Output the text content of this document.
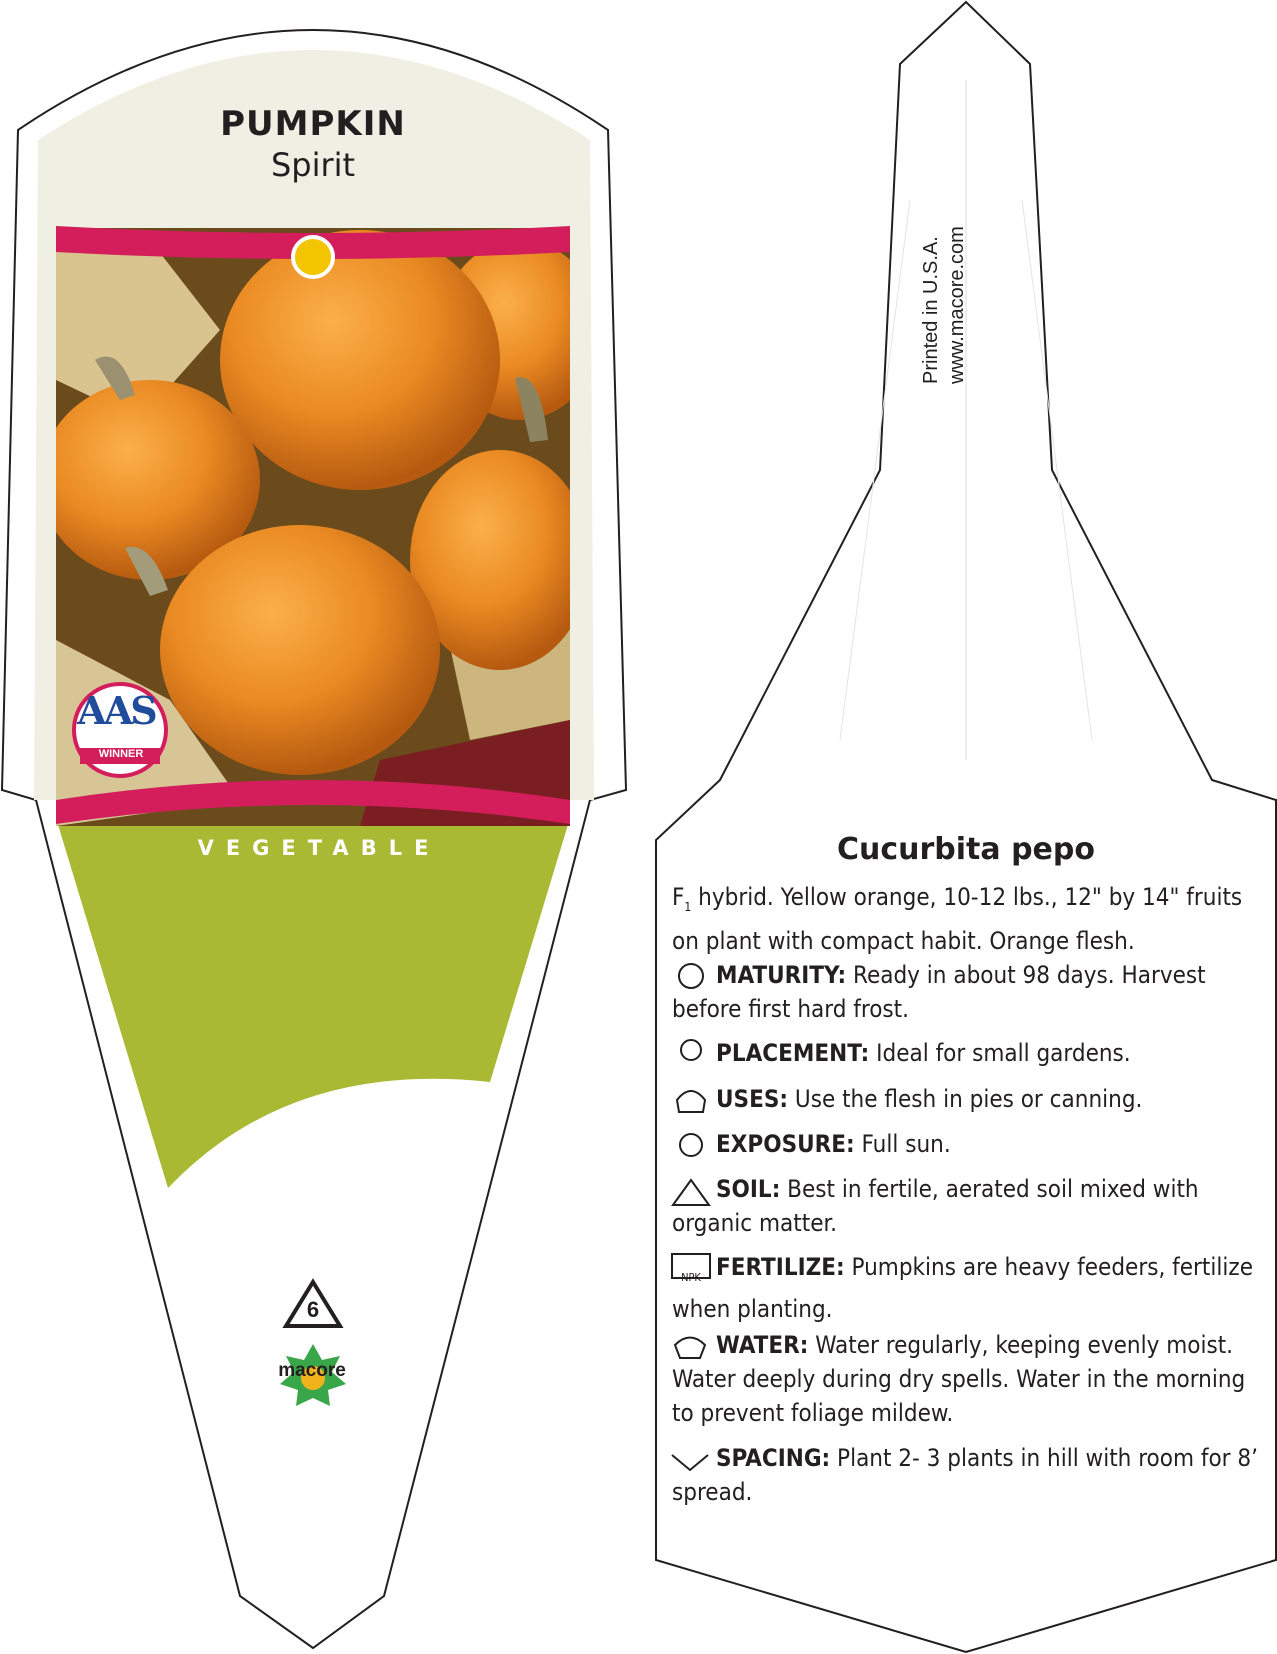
PUMPKIN
Spirit
VEGETABLE
AAS
WINNER
6
macore
Printed in U.S.A. www.macore.com
Cucurbita pepo
$F_1$ hybrid. Yellow orange, 10-12 lbs., 12" by 14" fruits on plant with compact habit. Orange flesh.
MATURITY: Ready in about 98 days. Harvest before first hard frost.
PLACEMENT: Ideal for small gardens.
USES: Use the flesh in pies or canning.
EXPOSURE: Full sun.
SOIL: Best in fertile, aerated soil mixed with organic matter.
NPK FERTILIZE: Pumpkins are heavy feeders, fertilize when planting.
WATER: Water regularly, keeping evenly moist. Water deeply during dry spells. Water in the morning to prevent foliage mildew.
SPACING: Plant 2- 3 plants in hill with room for 8’ spread.
